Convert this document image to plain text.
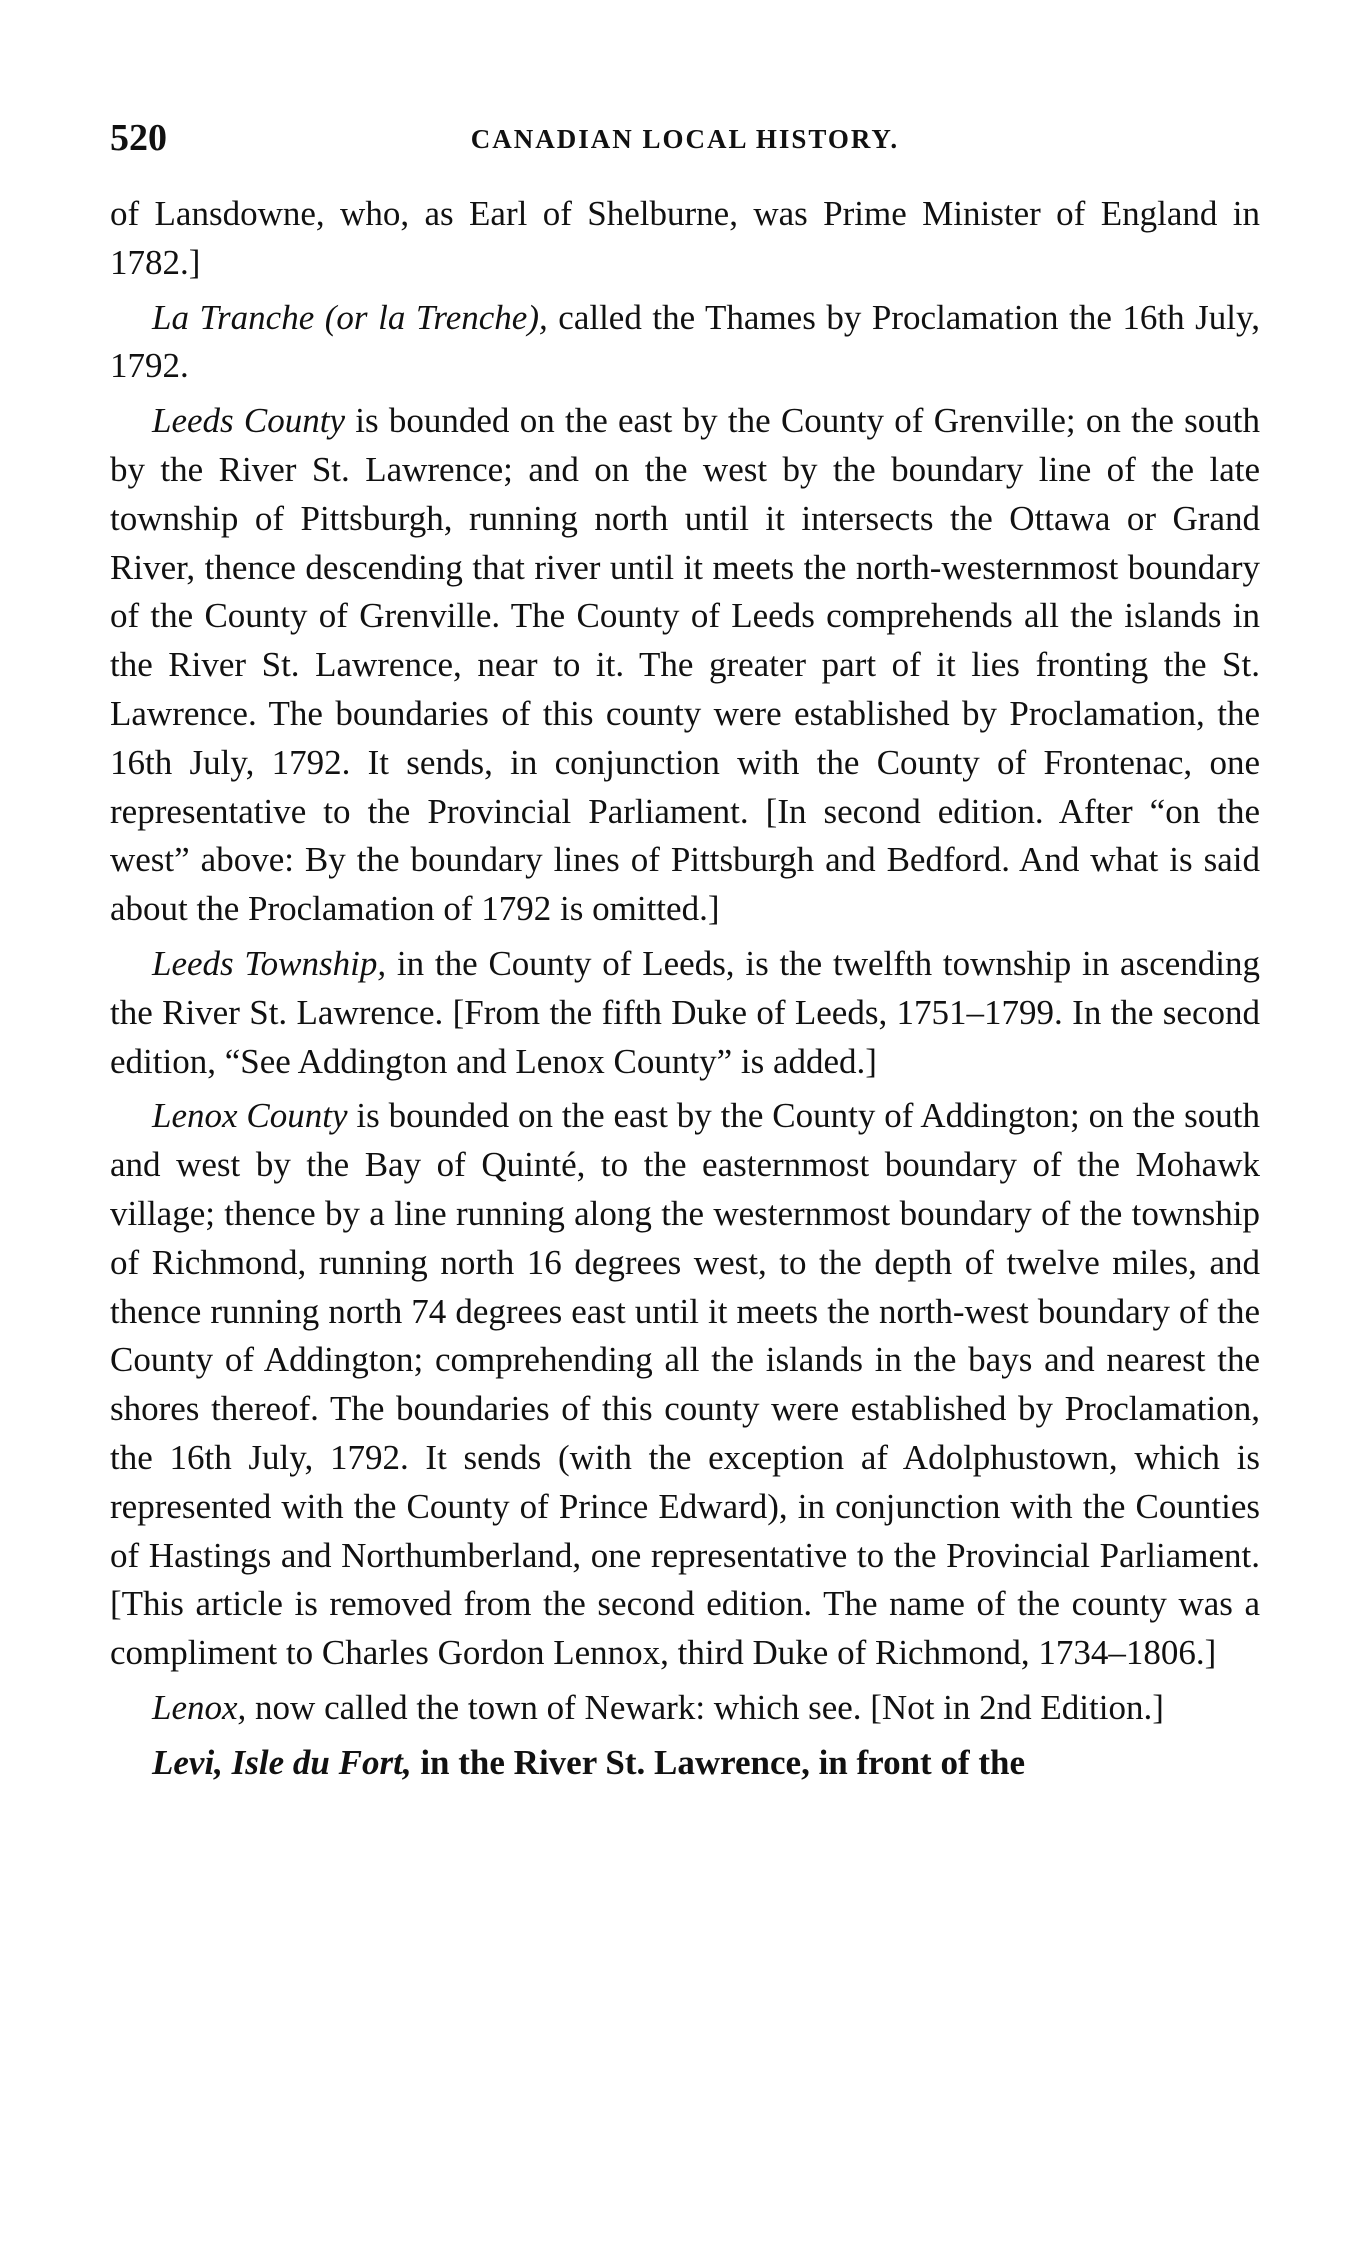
520	CANADIAN LOCAL HISTORY.

of Lansdowne, who, as Earl of Shelburne, was Prime Minister of England in 1782.]

La Tranche (or la Trenche), called the Thames by Proclamation the 16th July, 1792.

Leeds County is bounded on the east by the County of Grenville; on the south by the River St. Lawrence; and on the west by the boundary line of the late township of Pittsburgh, running north until it intersects the Ottawa or Grand River, thence descending that river until it meets the north-westernmost boundary of the County of Grenville. The County of Leeds comprehends all the islands in the River St. Lawrence, near to it. The greater part of it lies fronting the St. Lawrence. The boundaries of this county were established by Proclamation, the 16th July, 1792. It sends, in conjunction with the County of Frontenac, one representative to the Provincial Parliament. [In second edition. After “on the west” above: By the boundary lines of Pittsburgh and Bedford. And what is said about the Proclamation of 1792 is omitted.]

Leeds Township, in the County of Leeds, is the twelfth township in ascending the River St. Lawrence. [From the fifth Duke of Leeds, 1751–1799. In the second edition, “See Addington and Lenox County” is added.]

Lenox County is bounded on the east by the County of Addington; on the south and west by the Bay of Quinté, to the easternmost boundary of the Mohawk village; thence by a line running along the westernmost boundary of the township of Richmond, running north 16 degrees west, to the depth of twelve miles, and thence running north 74 degrees east until it meets the north-west boundary of the County of Addington; comprehending all the islands in the bays and nearest the shores thereof. The boundaries of this county were established by Proclamation, the 16th July, 1792. It sends (with the exception af Adolphustown, which is represented with the County of Prince Edward), in conjunction with the Counties of Hastings and Northumberland, one representative to the Provincial Parliament. [This article is removed from the second edition. The name of the county was a compliment to Charles Gordon Lennox, third Duke of Richmond, 1734–1806.]

Lenox, now called the town of Newark: which see. [Not in 2nd Edition.]

Levi, Isle du Fort, in the River St. Lawrence, in front of the
